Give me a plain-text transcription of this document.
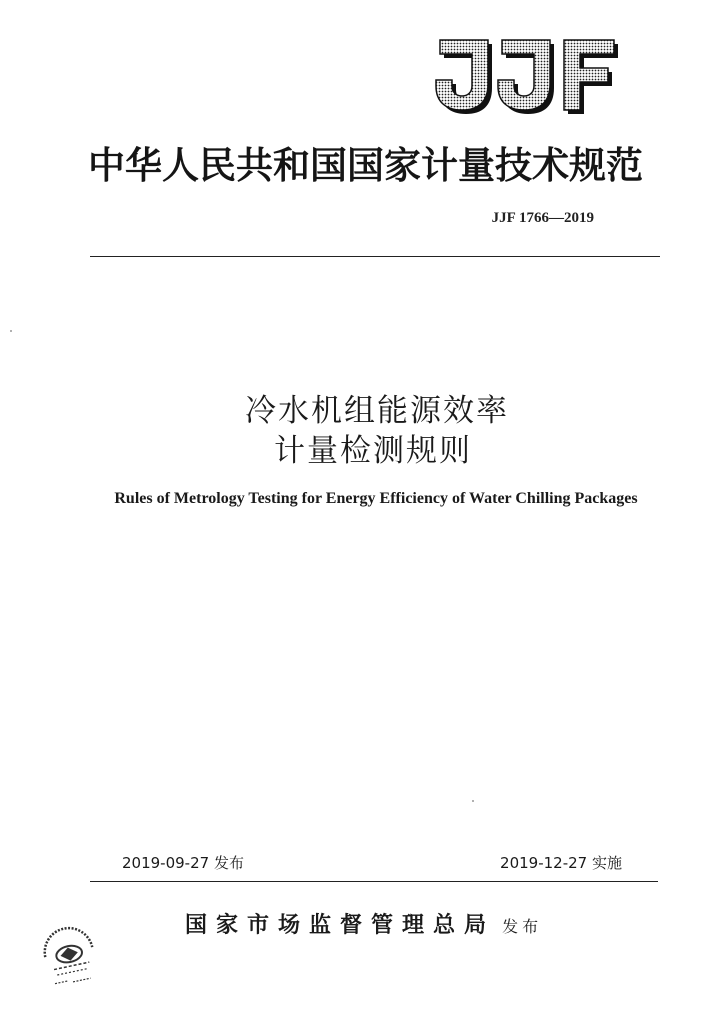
中华人民共和国国家计量技术规范
JJF 1766—2019
冷水机组能源效率
计量检测规则
Rules of Metrology Testing for Energy Efficiency of Water Chilling Packages
2019-09-27 发布	2019-12-27 实施
国家市场监督管理总局 发布
